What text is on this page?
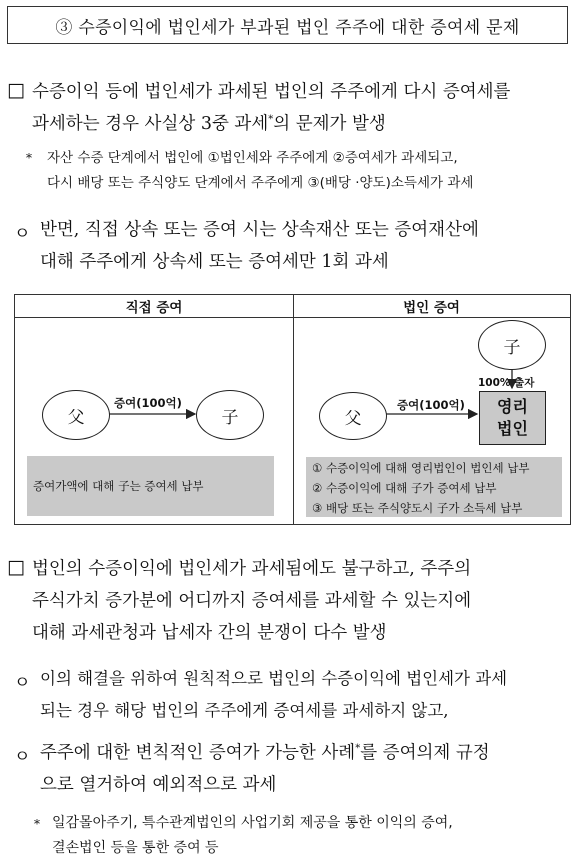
③ 수증이익에 법인세가 부과된 법인 주주에 대한 증여세 문제
□ 수증이익 등에 법인세가 과세된 법인의 주주에게 다시 증여세를
과세하는 경우 사실상 3중 과세*의 문제가 발생
* 자산 수증 단계에서 법인에 ①법인세와 주주에게 ②증여세가 과세되고,
다시 배당 또는 주식양도 단계에서 주주에게 ③(배당 ·양도)소득세가 과세
ㅇ 반면, 직접 상속 또는 증여 시는 상속재산 또는 증여재산에
대해 주주에게 상속세 또는 증여세만 1회 과세
직접 증여	법인 증여
父
증여(100억)
子
증여가액에 대해 子는 증여세 납부
子
100% 출자
父
증여(100억) 영리
법인
① 수증이익에 대해 영리법인이 법인세 납부
② 수증이익에 대해 子가 증여세 납부
③ 배당 또는 주식양도시 子가 소득세 납부
□ 법인의 수증이익에 법인세가 과세됨에도 불구하고, 주주의
주식가치 증가분에 어디까지 증여세를 과세할 수 있는지에
대해 과세관청과 납세자 간의 분쟁이 다수 발생
ㅇ 이의 해결을 위하여 원칙적으로 법인의 수증이익에 법인세가 과세
되는 경우 해당 법인의 주주에게 증여세를 과세하지 않고,
ㅇ 주주에 대한 변칙적인 증여가 가능한 사례*를 증여의제 규정
으로 열거하여 예외적으로 과세
* 일감몰아주기, 특수관계법인의 사업기회 제공을 통한 이익의 증여,
결손법인 등을 통한 증여 등
